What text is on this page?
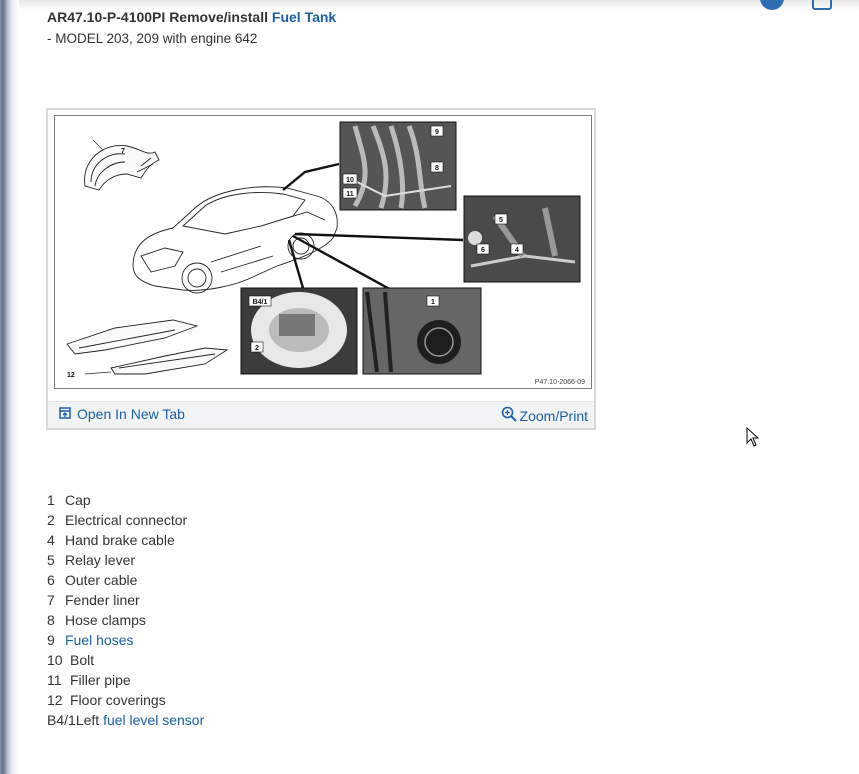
AR47.10-P-4100PI Remove/install Fuel Tank
- MODEL 203, 209 with engine 642
7
9
8
10
11
5
6	4
B4/1
2
1
12
P47.10-2066-09
Open In New Tab	Zoom/Print
1 Cap
2 Electrical connector
4 Hand brake cable
5 Relay lever
6 Outer cable
7 Fender liner
8 Hose clamps
9 Fuel hoses
10 Bolt
11 Filler pipe
12 Floor coverings
B4/1Left fuel level sensor
